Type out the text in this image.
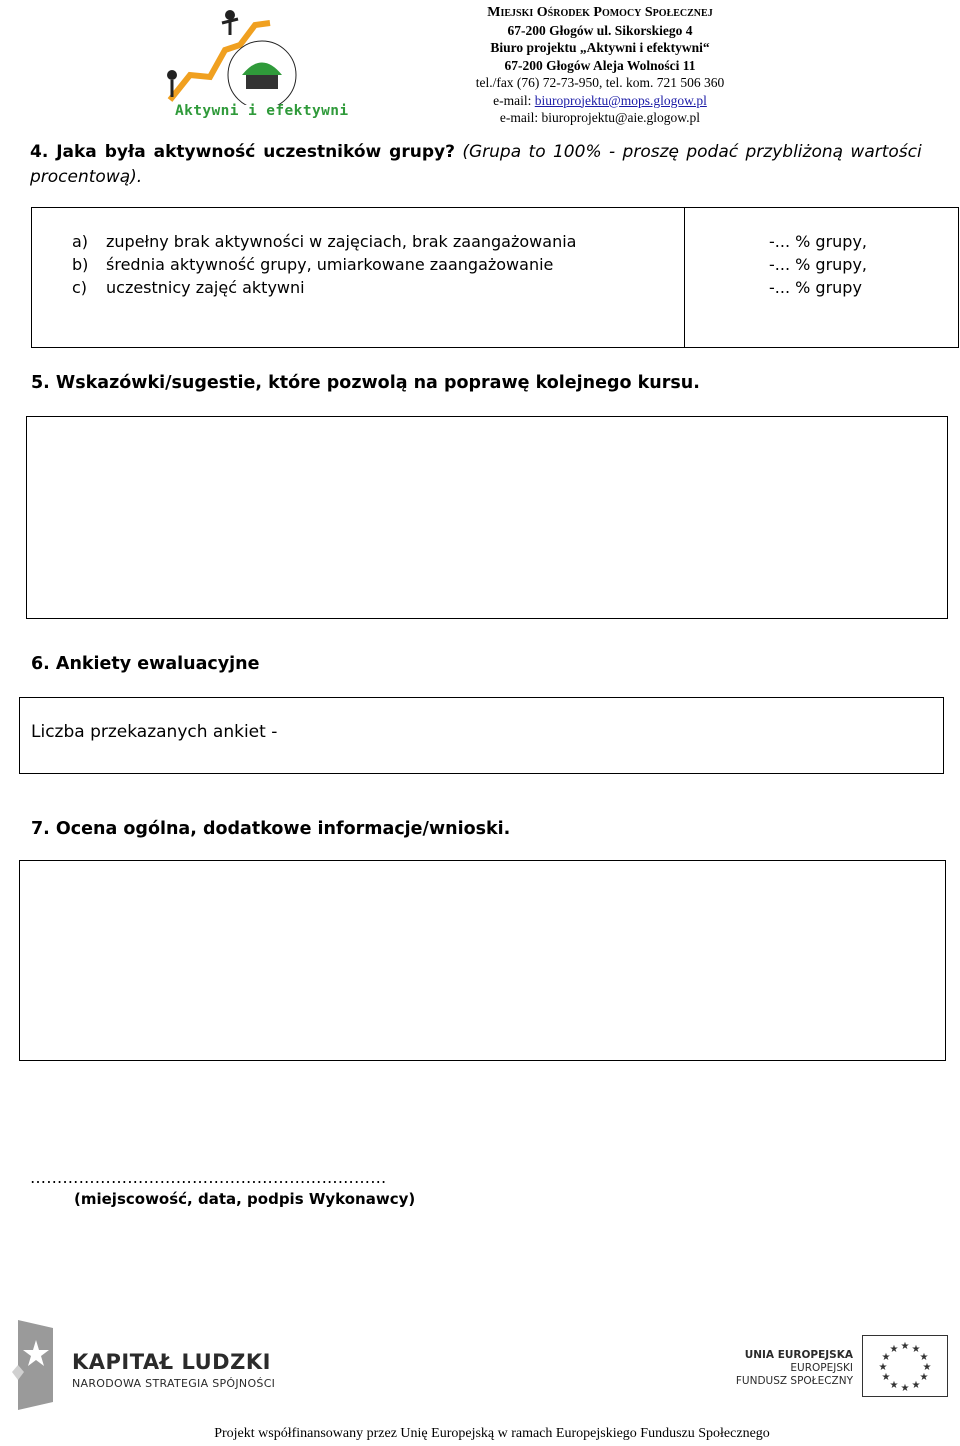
Aktywni i efektywni
Miejski Ośrodek Pomocy Społecznej
67-200 Głogów ul. Sikorskiego 4
Biuro projektu „Aktywni i efektywni“
67-200 Głogów Aleja Wolności 11
tel./fax (76) 72-73-950, tel. kom. 721 506 360
e-mail: biuroprojektu@mops.glogow.pl
e-mail: biuroprojektu@aie.glogow.pl
4. Jaka była aktywność uczestników grupy? (Grupa to 100% - proszę podać przybliżoną wartości procentową).
a) zupełny brak aktywności w zajęciach, brak zaangażowania
b) średnia aktywność grupy, umiarkowane zaangażowanie
c) uczestnicy zajęć aktywni
-... % grupy,
-... % grupy,
-... % grupy
5. Wskazówki/sugestie, które pozwolą na poprawę kolejnego kursu.
6. Ankiety ewaluacyjne
Liczba przekazanych ankiet -
7. Ocena ogólna, dodatkowe informacje/wnioski.
…………………………………………………………
(miejscowość, data, podpis Wykonawcy)
KAPITAŁ LUDZKI
NARODOWA STRATEGIA SPÓJNOŚCI
UNIA EUROPEJSKA
EUROPEJSKI
FUNDUSZ SPOŁECZNY
★ ★
★
★
★
★
★
★
★
★
★
★
Projekt współfinansowany przez Unię Europejską w ramach Europejskiego Funduszu Społecznego
